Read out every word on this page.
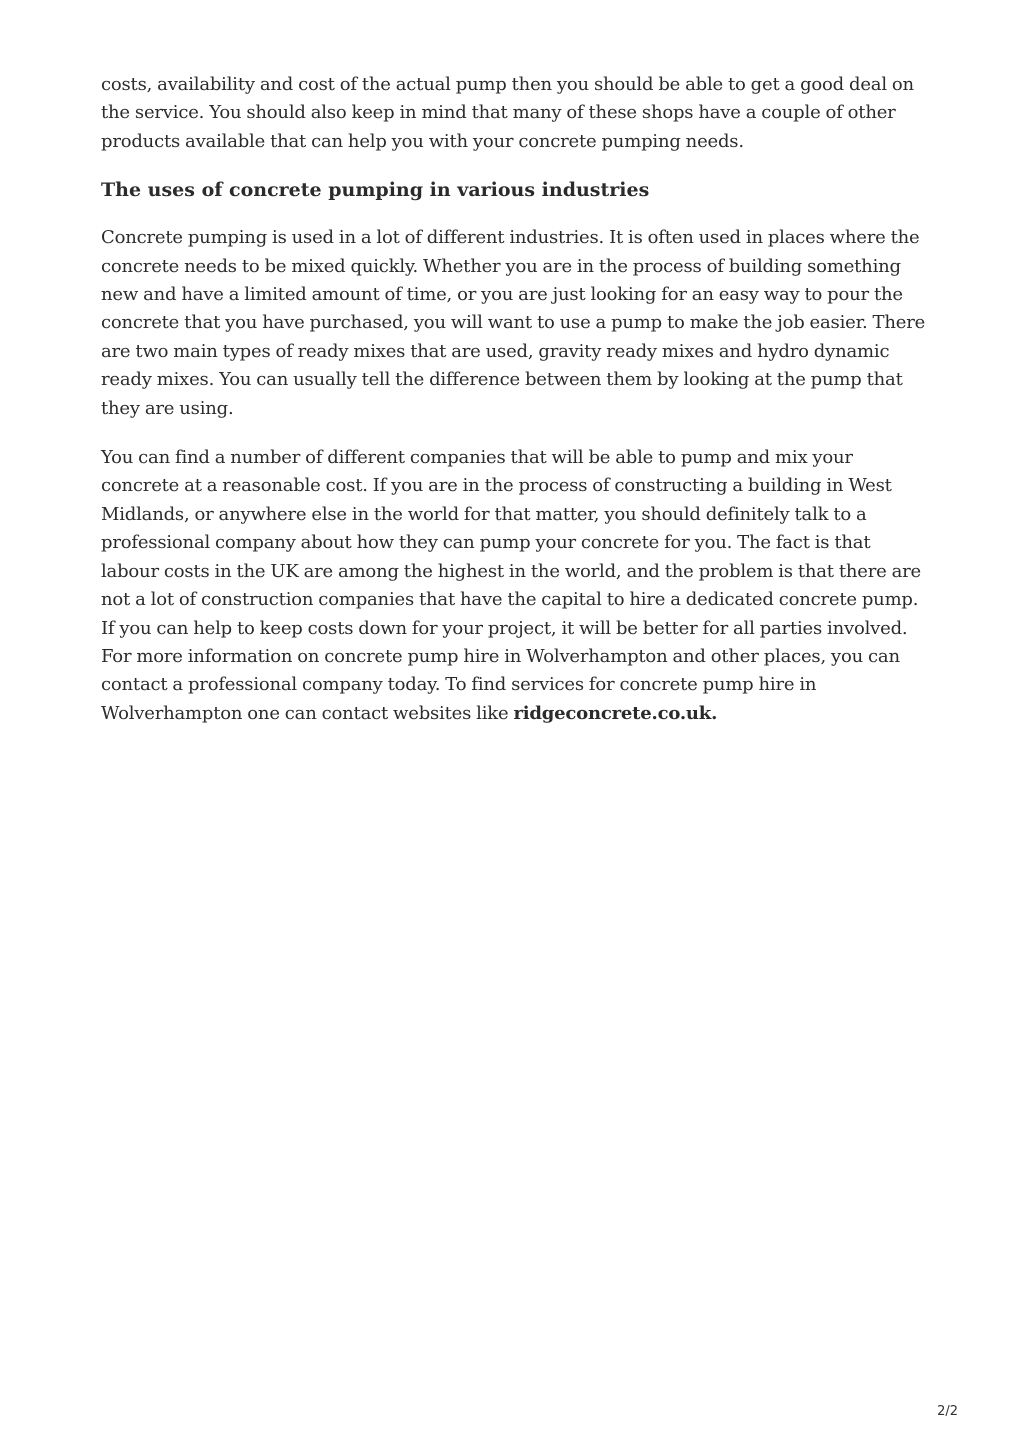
costs, availability and cost of the actual pump then you should be able to get a good deal on the service. You should also keep in mind that many of these shops have a couple of other products available that can help you with your concrete pumping needs.

The uses of concrete pumping in various industries

Concrete pumping is used in a lot of different industries. It is often used in places where the concrete needs to be mixed quickly. Whether you are in the process of building something new and have a limited amount of time, or you are just looking for an easy way to pour the concrete that you have purchased, you will want to use a pump to make the job easier. There are two main types of ready mixes that are used, gravity ready mixes and hydro dynamic ready mixes. You can usually tell the difference between them by looking at the pump that they are using.

You can find a number of different companies that will be able to pump and mix your concrete at a reasonable cost. If you are in the process of constructing a building in West Midlands, or anywhere else in the world for that matter, you should definitely talk to a professional company about how they can pump your concrete for you. The fact is that labour costs in the UK are among the highest in the world, and the problem is that there are not a lot of construction companies that have the capital to hire a dedicated concrete pump. If you can help to keep costs down for your project, it will be better for all parties involved. For more information on concrete pump hire in Wolverhampton and other places, you can contact a professional company today. To find services for concrete pump hire in Wolverhampton one can contact websites like ridgeconcrete.co.uk.

2/2
